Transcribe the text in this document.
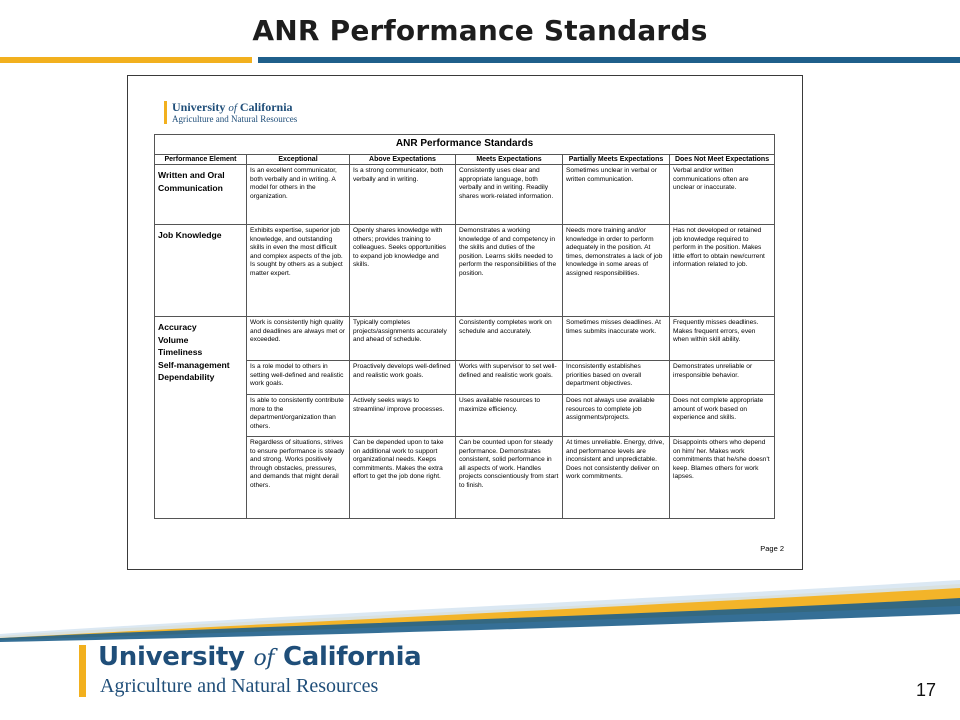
ANR Performance Standards
University of California
Agriculture and Natural Resources
ANR Performance Standards					
Performance Element	Exceptional	Above Expectations	Meets Expectations	Partially Meets Expectations	Does Not Meet Expectations
Written and Oral Communication	Is an excellent communicator, both verbally and in writing. A model for others in the organization.	Is a strong communicator, both verbally and in writing.	Consistently uses clear and appropriate language, both verbally and in writing. Readily shares work-related information.	Sometimes unclear in verbal or written communication.	Verbal and/or written communications often are unclear or inaccurate.
Job Knowledge	Exhibits expertise, superior job knowledge, and outstanding skills in even the most difficult and complex aspects of the job. Is sought by others as a subject matter expert.	Openly shares knowledge with others; provides training to colleagues. Seeks opportunities to expand job knowledge and skills.	Demonstrates a working knowledge of and competency in the skills and duties of the position. Learns skills needed to perform the responsibilities of the position.	Needs more training and/or knowledge in order to perform adequately in the position. At times, demonstrates a lack of job knowledge in some areas of assigned responsibilities.	Has not developed or retained job knowledge required to perform in the position. Makes little effort to obtain new/current information related to job.
Accuracy
Volume
Timeliness
Self-management
Dependability	Work is consistently high quality and deadlines are always met or exceeded.	Typically completes projects/assignments accurately and ahead of schedule.	Consistently completes work on schedule and accurately.	Sometimes misses deadlines. At times submits inaccurate work.	Frequently misses deadlines. Makes frequent errors, even when within skill ability.
	Is a role model to others in setting well-defined and realistic work goals.	Proactively develops well-defined and realistic work goals.	Works with supervisor to set well-defined and realistic work goals.	Inconsistently establishes priorities based on overall department objectives.	Demonstrates unreliable or irresponsible behavior.
	Is able to consistently contribute more to the department/organization than others.	Actively seeks ways to streamline/ improve processes.	Uses available resources to maximize efficiency.	Does not always use available resources to complete job assignments/projects.	Does not complete appropriate amount of work based on experience and skills.
	Regardless of situations, strives to ensure performance is steady and strong. Works positively through obstacles, pressures, and demands that might derail others.	Can be depended upon to take on additional work to support organizational needs. Keeps commitments. Makes the extra effort to get the job done right.	Can be counted upon for steady performance. Demonstrates consistent, solid performance in all aspects of work. Handles projects conscientiously from start to finish.	At times unreliable. Energy, drive, and performance levels are inconsistent and unpredictable. Does not consistently deliver on work commitments.	Disappoints others who depend on him/ her. Makes work commitments that he/she doesn't keep. Blames others for work lapses.
Page 2
University of California
Agriculture and Natural Resources	17
